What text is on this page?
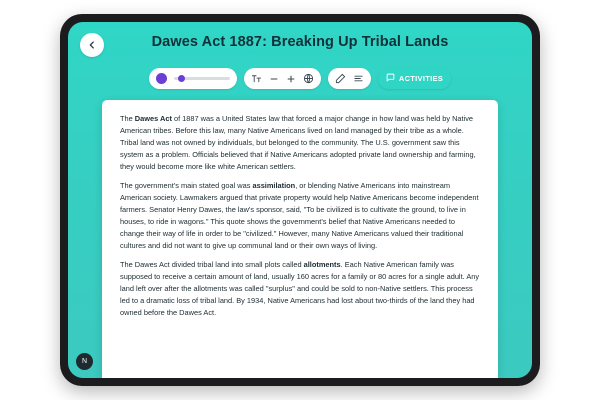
Dawes Act 1887: Breaking Up Tribal Lands
ACTIVITIES

The Dawes Act of 1887 was a United States law that forced a major change in how land was held by Native American tribes. Before this law, many Native Americans lived on land managed by their tribe as a whole. Tribal land was not owned by individuals, but belonged to the community. The U.S. government saw this system as a problem. Officials believed that if Native Americans adopted private land ownership and farming, they would become more like white American settlers.

The government's main stated goal was assimilation, or blending Native Americans into mainstream American society. Lawmakers argued that private property would help Native Americans become independent farmers. Senator Henry Dawes, the law's sponsor, said, "To be civilized is to cultivate the ground, to live in houses, to ride in wagons." This quote shows the government's belief that Native Americans needed to change their way of life in order to be "civilized." However, many Native Americans valued their traditional cultures and did not want to give up communal land or their own ways of living.

The Dawes Act divided tribal land into small plots called allotments. Each Native American family was supposed to receive a certain amount of land, usually 160 acres for a family or 80 acres for a single adult. Any land left over after the allotments was called "surplus" and could be sold to non-Native settlers. This process led to a dramatic loss of tribal land. By 1934, Native Americans had lost about two-thirds of the land they had owned before the Dawes Act.

N
